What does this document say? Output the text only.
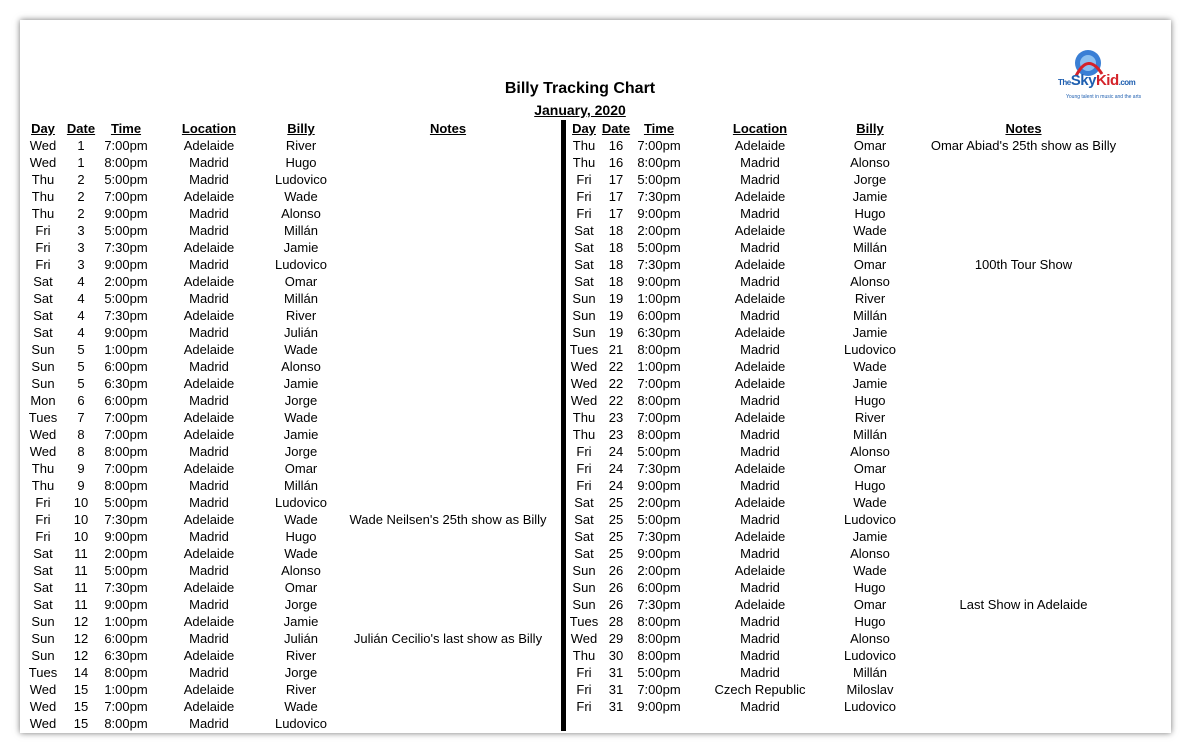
TheSkyKid.com
Young talent in music and the arts
Billy Tracking Chart
January, 2020
Day	Date	Time	Location	Billy	Notes
Wed	1	7:00pm	Adelaide	River	
Wed	1	8:00pm	Madrid	Hugo	
Thu	2	5:00pm	Madrid	Ludovico	
Thu	2	7:00pm	Adelaide	Wade	
Thu	2	9:00pm	Madrid	Alonso	
Fri	3	5:00pm	Madrid	Millán	
Fri	3	7:30pm	Adelaide	Jamie	
Fri	3	9:00pm	Madrid	Ludovico	
Sat	4	2:00pm	Adelaide	Omar	
Sat	4	5:00pm	Madrid	Millán	
Sat	4	7:30pm	Adelaide	River	
Sat	4	9:00pm	Madrid	Julián	
Sun	5	1:00pm	Adelaide	Wade	
Sun	5	6:00pm	Madrid	Alonso	
Sun	5	6:30pm	Adelaide	Jamie	
Mon	6	6:00pm	Madrid	Jorge	
Tues	7	7:00pm	Adelaide	Wade	
Wed	8	7:00pm	Adelaide	Jamie	
Wed	8	8:00pm	Madrid	Jorge	
Thu	9	7:00pm	Adelaide	Omar	
Thu	9	8:00pm	Madrid	Millán	
Fri	10	5:00pm	Madrid	Ludovico	
Fri	10	7:30pm	Adelaide	Wade	Wade Neilsen's 25th show as Billy
Fri	10	9:00pm	Madrid	Hugo	
Sat	11	2:00pm	Adelaide	Wade	
Sat	11	5:00pm	Madrid	Alonso	
Sat	11	7:30pm	Adelaide	Omar	
Sat	11	9:00pm	Madrid	Jorge	
Sun	12	1:00pm	Adelaide	Jamie	
Sun	12	6:00pm	Madrid	Julián	Julián Cecilio's last show as Billy
Sun	12	6:30pm	Adelaide	River	
Tues	14	8:00pm	Madrid	Jorge	
Wed	15	1:00pm	Adelaide	River	
Wed	15	7:00pm	Adelaide	Wade	
Wed	15	8:00pm	Madrid	Ludovico	
Day	Date	Time	Location	Billy	Notes
Thu	16	7:00pm	Adelaide	Omar	Omar Abiad's 25th show as Billy
Thu	16	8:00pm	Madrid	Alonso	
Fri	17	5:00pm	Madrid	Jorge	
Fri	17	7:30pm	Adelaide	Jamie	
Fri	17	9:00pm	Madrid	Hugo	
Sat	18	2:00pm	Adelaide	Wade	
Sat	18	5:00pm	Madrid	Millán	
Sat	18	7:30pm	Adelaide	Omar	100th Tour Show
Sat	18	9:00pm	Madrid	Alonso	
Sun	19	1:00pm	Adelaide	River	
Sun	19	6:00pm	Madrid	Millán	
Sun	19	6:30pm	Adelaide	Jamie	
Tues	21	8:00pm	Madrid	Ludovico	
Wed	22	1:00pm	Adelaide	Wade	
Wed	22	7:00pm	Adelaide	Jamie	
Wed	22	8:00pm	Madrid	Hugo	
Thu	23	7:00pm	Adelaide	River	
Thu	23	8:00pm	Madrid	Millán	
Fri	24	5:00pm	Madrid	Alonso	
Fri	24	7:30pm	Adelaide	Omar	
Fri	24	9:00pm	Madrid	Hugo	
Sat	25	2:00pm	Adelaide	Wade	
Sat	25	5:00pm	Madrid	Ludovico	
Sat	25	7:30pm	Adelaide	Jamie	
Sat	25	9:00pm	Madrid	Alonso	
Sun	26	2:00pm	Adelaide	Wade	
Sun	26	6:00pm	Madrid	Hugo	
Sun	26	7:30pm	Adelaide	Omar	Last Show in Adelaide
Tues	28	8:00pm	Madrid	Hugo	
Wed	29	8:00pm	Madrid	Alonso	
Thu	30	8:00pm	Madrid	Ludovico	
Fri	31	5:00pm	Madrid	Millán	
Fri	31	7:00pm	Czech Republic	Miloslav	
Fri	31	9:00pm	Madrid	Ludovico	
